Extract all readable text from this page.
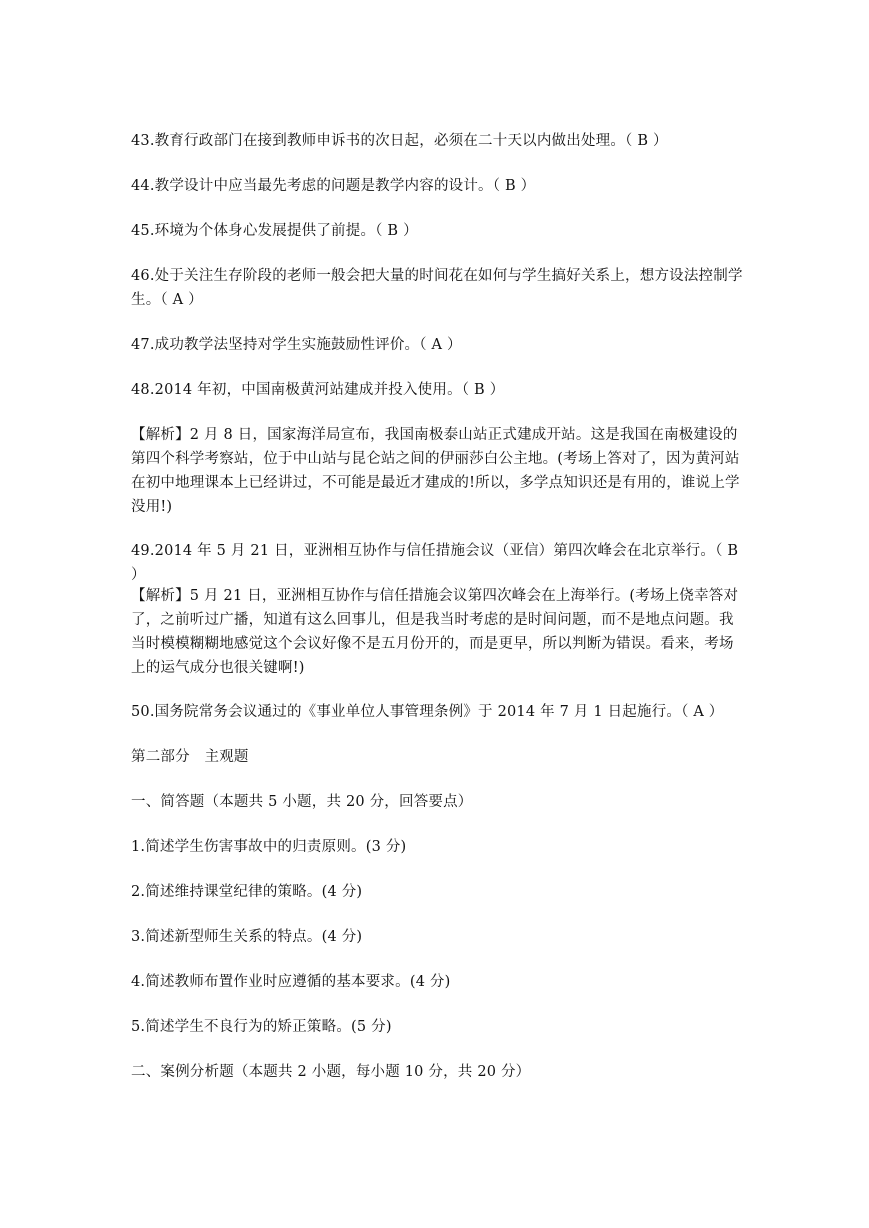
43.教育行政部门在接到教师申诉书的次日起，必须在二十天以内做出处理。（ B ）

44.教学设计中应当最先考虑的问题是教学内容的设计。（ B ）

45.环境为个体身心发展提供了前提。（ B ）

46.处于关注生存阶段的老师一般会把大量的时间花在如何与学生搞好关系上，想方设法控制学生。（ A ）

47.成功教学法坚持对学生实施鼓励性评价。（ A ）

48.2014 年初，中国南极黄河站建成并投入使用。（ B ）

【解析】2 月 8 日，国家海洋局宣布，我国南极泰山站正式建成开站。这是我国在南极建设的第四个科学考察站，位于中山站与昆仑站之间的伊丽莎白公主地。(考场上答对了，因为黄河站在初中地理课本上已经讲过，不可能是最近才建成的!所以，多学点知识还是有用的，谁说上学没用!)

49.2014 年 5 月 21 日，亚洲相互协作与信任措施会议（亚信）第四次峰会在北京举行。（ B ）

【解析】5 月 21 日，亚洲相互协作与信任措施会议第四次峰会在上海举行。(考场上侥幸答对了，之前听过广播，知道有这么回事儿，但是我当时考虑的是时间问题，而不是地点问题。我当时模模糊糊地感觉这个会议好像不是五月份开的，而是更早，所以判断为错误。看来，考场上的运气成分也很关键啊!)

50.国务院常务会议通过的《事业单位人事管理条例》于 2014 年 7 月 1 日起施行。（ A ）

第二部分　主观题

一、简答题（本题共 5 小题，共 20 分，回答要点）

1.简述学生伤害事故中的归责原则。(3 分)

2.简述维持课堂纪律的策略。(4 分)

3.简述新型师生关系的特点。(4 分)

4.简述教师布置作业时应遵循的基本要求。(4 分)

5.简述学生不良行为的矫正策略。(5 分)

二、案例分析题（本题共 2 小题，每小题 10 分，共 20 分）
